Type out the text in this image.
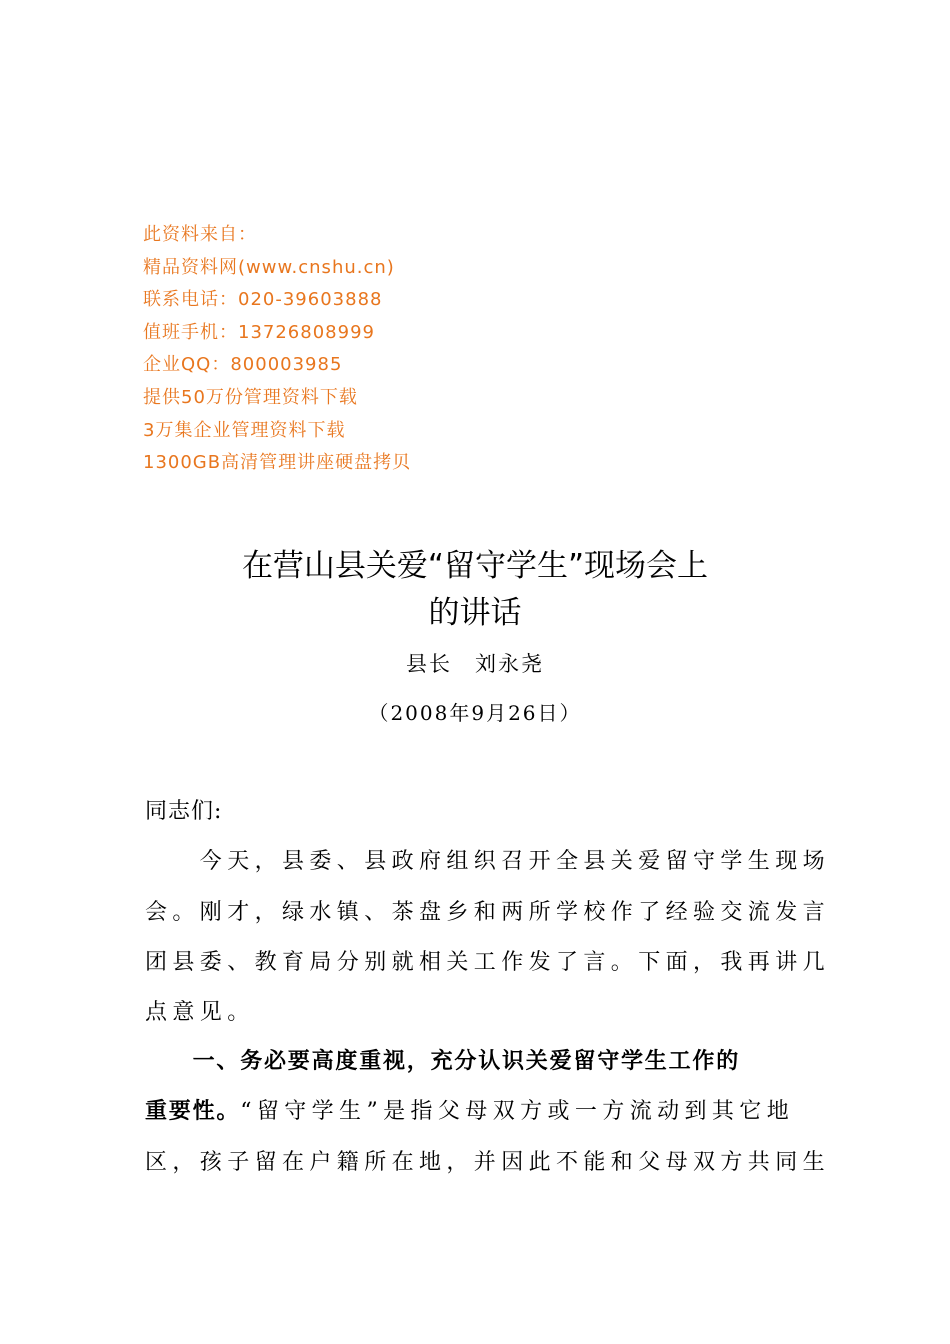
此资料来自：
精品资料网(www.cnshu.cn)
联系电话：020-39603888
值班手机：13726808999
企业QQ：800003985
提供50万份管理资料下载
3万集企业管理资料下载
1300GB高清管理讲座硬盘拷贝
在营山县关爱“留守学生”现场会上
的讲话
县长　刘永尧
（2008年9月26日）
同志们:
　　今天，县委、县政府组织召开全县关爱留守学生现场
会。刚才，绿水镇、茶盘乡和两所学校作了经验交流发言
团县委、教育局分别就相关工作发了言。下面，我再讲几
点意见。
　　一、务必要高度重视，充分认识关爱留守学生工作的
重要性。“留守学生”是指父母双方或一方流动到其它地
区，孩子留在户籍所在地，并因此不能和父母双方共同生
